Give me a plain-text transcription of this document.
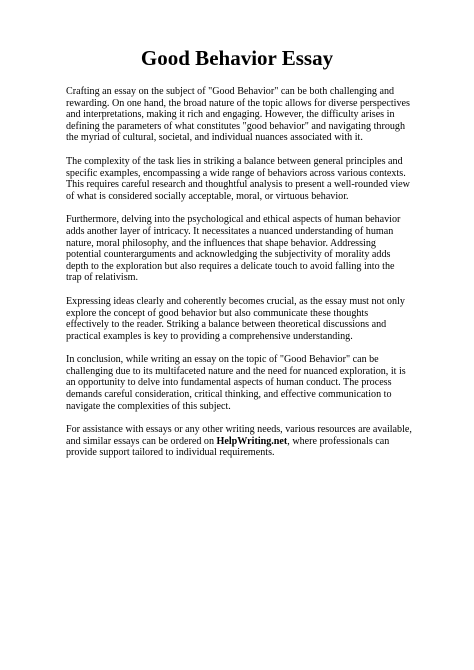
Good Behavior Essay

Crafting an essay on the subject of "Good Behavior" can be both challenging and rewarding. On one hand, the broad nature of the topic allows for diverse perspectives and interpretations, making it rich and engaging. However, the difficulty arises in defining the parameters of what constitutes "good behavior" and navigating through the myriad of cultural, societal, and individual nuances associated with it.

The complexity of the task lies in striking a balance between general principles and specific examples, encompassing a wide range of behaviors across various contexts. This requires careful research and thoughtful analysis to present a well-rounded view of what is considered socially acceptable, moral, or virtuous behavior.

Furthermore, delving into the psychological and ethical aspects of human behavior adds another layer of intricacy. It necessitates a nuanced understanding of human nature, moral philosophy, and the influences that shape behavior. Addressing potential counterarguments and acknowledging the subjectivity of morality adds depth to the exploration but also requires a delicate touch to avoid falling into the trap of relativism.

Expressing ideas clearly and coherently becomes crucial, as the essay must not only explore the concept of good behavior but also communicate these thoughts effectively to the reader. Striking a balance between theoretical discussions and practical examples is key to providing a comprehensive understanding.

In conclusion, while writing an essay on the topic of "Good Behavior" can be challenging due to its multifaceted nature and the need for nuanced exploration, it is an opportunity to delve into fundamental aspects of human conduct. The process demands careful consideration, critical thinking, and effective communication to navigate the complexities of this subject.

For assistance with essays or any other writing needs, various resources are available, and similar essays can be ordered on HelpWriting.net, where professionals can provide support tailored to individual requirements.
